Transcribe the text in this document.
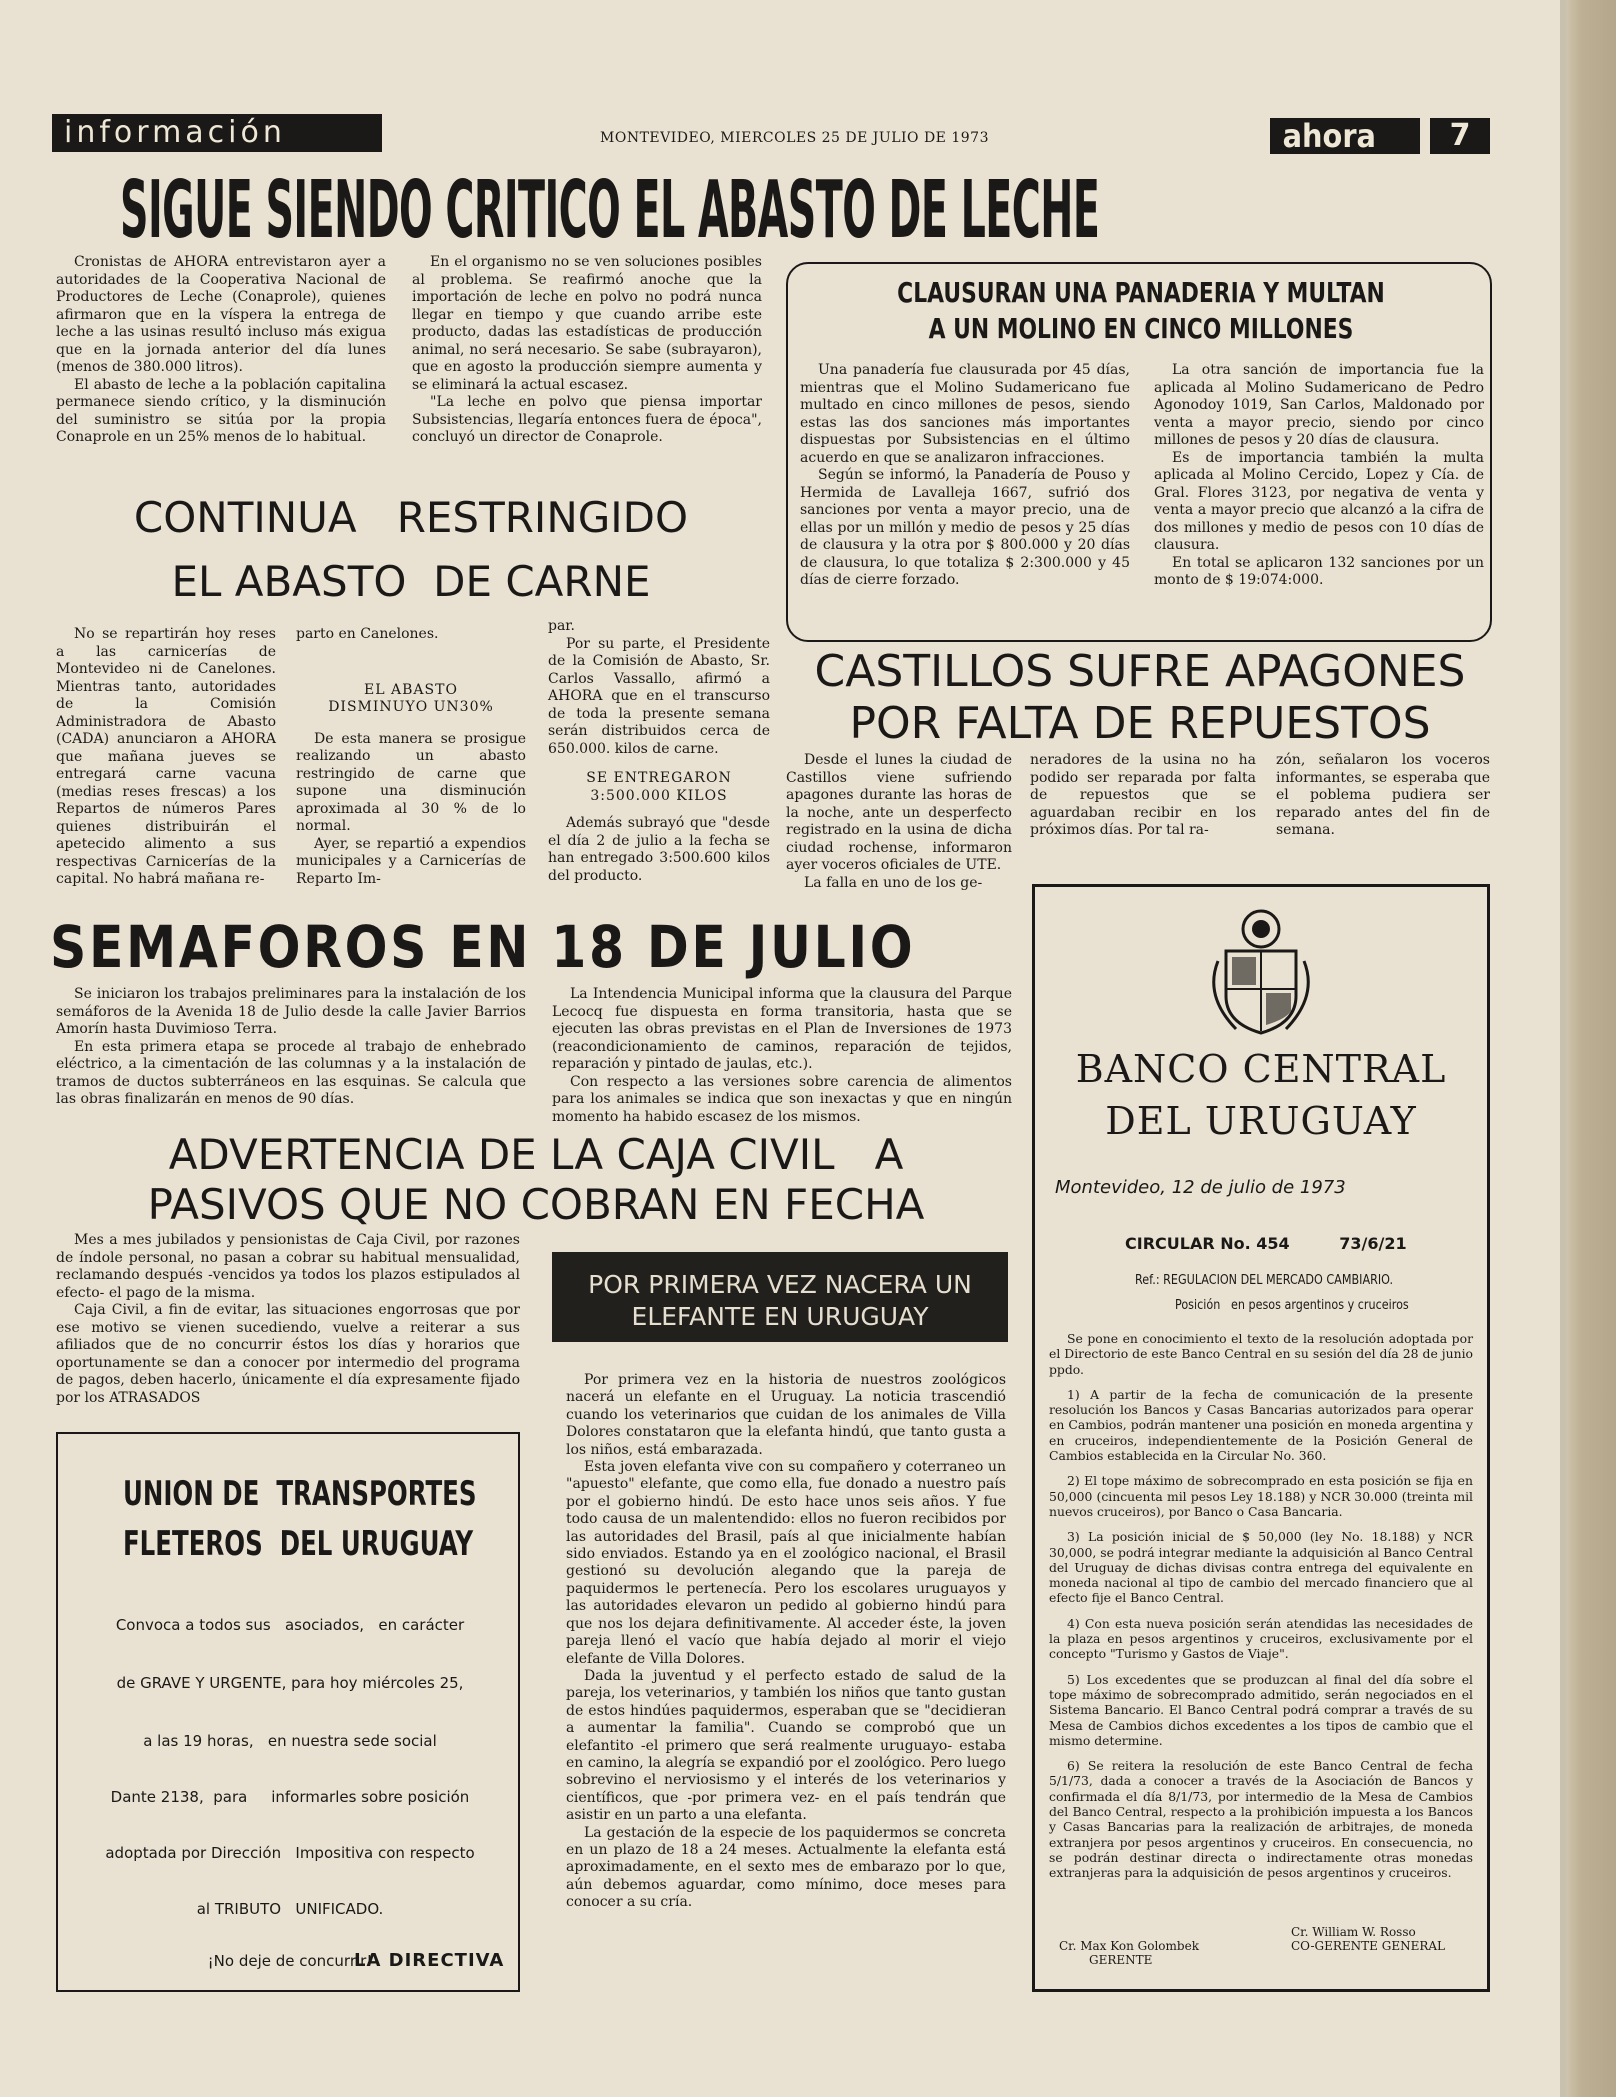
información	MONTEVIDEO, MIERCOLES 25 DE JULIO DE 1973	ahora	7
SIGUE SIENDO CRITICO EL ABASTO DE LECHE

Cronistas de AHORA entrevistaron ayer a autoridades de la Cooperativa Nacional de Productores de Leche (Conaprole), quienes afirmaron que en la víspera la entrega de leche a las usinas resultó incluso más exigua que en la jornada anterior del día lunes (menos de 380.000 litros).

El abasto de leche a la población capitalina permanece siendo crítico, y la disminución del suministro se sitúa por la propia Conaprole en un 25% menos de lo habitual.

En el organismo no se ven soluciones posibles al problema. Se reafirmó anoche que la importación de leche en polvo no podrá nunca llegar en tiempo y que cuando arribe este producto, dadas las estadísticas de producción animal, no será necesario. Se sabe (subrayaron), que en agosto la producción siempre aumenta y se eliminará la actual escasez.

"La leche en polvo que piensa importar Subsistencias, llegaría entonces fuera de época", concluyó un director de Conaprole.

CLAUSURAN UNA PANADERIA Y MULTAN
A UN MOLINO EN CINCO MILLONES

Una panadería fue clausurada por 45 días, mientras que el Molino Sudamericano fue multado en cinco millones de pesos, siendo estas las dos sanciones más importantes dispuestas por Subsistencias en el último acuerdo en que se analizaron infracciones.

Según se informó, la Panadería de Pouso y Hermida de Lavalleja 1667, sufrió dos sanciones por venta a mayor precio, una de ellas por un millón y medio de pesos y 25 días de clausura y la otra por $ 800.000 y 20 días de clausura, lo que totaliza $ 2:300.000 y 45 días de cierre forzado.

La otra sanción de importancia fue la aplicada al Molino Sudamericano de Pedro Agonodoy 1019, San Carlos, Maldonado por venta a mayor precio, siendo por cinco millones de pesos y 20 días de clausura.

Es de importancia también la multa aplicada al Molino Cercido, Lopez y Cía. de Gral. Flores 3123, por negativa de venta y venta a mayor precio que alcanzó a la cifra de dos millones y medio de pesos con 10 días de clausura.

En total se aplicaron 132 sanciones por un monto de $ 19:074:000.

CONTINUA   RESTRINGIDO
EL ABASTO  DE CARNE

No se repartirán hoy reses a las carnicerías de Montevideo ni de Canelones. Mientras tanto, autoridades de la Comisión Administradora de Abasto (CADA) anunciaron a AHORA que mañana jueves se entregará carne vacuna (medias reses frescas) a los Repartos de números Pares quienes distribuirán el apetecido alimento a sus respectivas Carnicerías de la capital. No habrá mañana re-

parto en Canelones.

EL ABASTO
DISMINUYO UN30%

De esta manera se prosigue realizando un abasto restringido de carne que supone una disminución aproximada al 30 % de lo normal.

Ayer, se repartió a expendios municipales y a Carnicerías de Reparto Im-

par.

Por su parte, el Presidente de la Comisión de Abasto, Sr. Carlos Vassallo, afirmó a AHORA que en el transcurso de toda la presente semana serán distribuidos cerca de 650.000. kilos de carne.

SE ENTREGARON
3:500.000 KILOS

Además subrayó que "desde el día 2 de julio a la fecha se han entregado 3:500.600 kilos del producto.

CASTILLOS SUFRE APAGONES
POR FALTA DE REPUESTOS

Desde el lunes la ciudad de Castillos viene sufriendo apagones durante las horas de la noche, ante un desperfecto registrado en la usina de dicha ciudad rochense, informaron ayer voceros oficiales de UTE.

La falla en uno de los ge-

neradores de la usina no ha podido ser reparada por falta de repuestos que se aguardaban recibir en los próximos días. Por tal ra-

zón, señalaron los voceros informantes, se esperaba que el poblema pudiera ser reparado antes del fin de semana.

SEMAFOROS EN 18 DE JULIO

Se iniciaron los trabajos preliminares para la instalación de los semáforos de la Avenida 18 de Julio desde la calle Javier Barrios Amorín hasta Duvimioso Terra.

En esta primera etapa se procede al trabajo de enhebrado eléctrico, a la cimentación de las columnas y a la instalación de tramos de ductos subterráneos en las esquinas. Se calcula que las obras finalizarán en menos de 90 días.

La Intendencia Municipal informa que la clausura del Parque Lecocq fue dispuesta en forma transitoria, hasta que se ejecuten las obras previstas en el Plan de Inversiones de 1973 (reacondicionamiento de caminos, reparación de tejidos, reparación y pintado de jaulas, etc.).

Con respecto a las versiones sobre carencia de alimentos para los animales se indica que son inexactas y que en ningún momento ha habido escasez de los mismos.

ADVERTENCIA DE LA CAJA CIVIL   A
PASIVOS QUE NO COBRAN EN FECHA

Mes a mes jubilados y pensionistas de Caja Civil, por razones de índole personal, no pasan a cobrar su habitual mensualidad, reclamando después -vencidos ya todos los plazos estipulados al efecto- el pago de la misma.

Caja Civil, a fin de evitar, las situaciones engorrosas que por ese motivo se vienen sucediendo, vuelve a reiterar a sus afiliados que de no concurrir éstos los días y horarios que oportunamente se dan a conocer por intermedio del programa de pagos, deben hacerlo, únicamente el día expresamente fijado por los ATRASADOS

UNION DE  TRANSPORTES
FLETEROS  DEL URUGUAY
Convoca a todos sus   asociados,   en carácter
de GRAVE Y URGENTE, para hoy miércoles 25,
a las 19 horas,   en nuestra sede social
Dante 2138,  para     informarles sobre posición
adoptada por Dirección   Impositiva con respecto
al TRIBUTO   UNIFICADO.
¡No deje de concurrir!
LA DIRECTIVA
POR PRIMERA VEZ NACERA UN
ELEFANTE EN URUGUAY

Por primera vez en la historia de nuestros zoológicos nacerá un elefante en el Uruguay. La noticia trascendió cuando los veterinarios que cuidan de los animales de Villa Dolores constataron que la elefanta hindú, que tanto gusta a los niños, está embarazada.

Esta joven elefanta vive con su compañero y coterraneo un "apuesto" elefante, que como ella, fue donado a nuestro país por el gobierno hindú. De esto hace unos seis años. Y fue todo causa de un malentendido: ellos no fueron recibidos por las autoridades del Brasil, país al que inicialmente habían sido enviados. Estando ya en el zoológico nacional, el Brasil gestionó su devolución alegando que la pareja de paquidermos le pertenecía. Pero los escolares uruguayos y las autoridades elevaron un pedido al gobierno hindú para que nos los dejara definitivamente. Al acceder éste, la joven pareja llenó el vacío que había dejado al morir el viejo elefante de Villa Dolores.

Dada la juventud y el perfecto estado de salud de la pareja, los veterinarios, y también los niños que tanto gustan de estos hindúes paquidermos, esperaban que se "decidieran a aumentar la familia". Cuando se comprobó que un elefantito -el primero que será realmente uruguayo- estaba en camino, la alegría se expandió por el zoológico. Pero luego sobrevino el nerviosismo y el interés de los veterinarios y científicos, que -por primera vez- en el país tendrán que asistir en un parto a una elefanta.

La gestación de la especie de los paquidermos se concreta en un plazo de 18 a 24 meses. Actualmente la elefanta está aproximadamente, en el sexto mes de embarazo por lo que, aún debemos aguardar, como mínimo, doce meses para conocer a su cría.

BANCO CENTRAL
DEL URUGUAY
Montevideo, 12 de julio de 1973
CIRCULAR No. 454	73/6/21
Ref.: REGULACION DEL MERCADO CAMBIARIO.
Posición   en pesos argentinos y cruceiros

Se pone en conocimiento el texto de la resolución adoptada por el Directorio de este Banco Central en su sesión del día 28 de junio ppdo.

1) A partir de la fecha de comunicación de la presente resolución los Bancos y Casas Bancarias autorizados para operar en Cambios, podrán mantener una posición en moneda argentina y en cruceiros, independientemente de la Posición General de Cambios establecida en la Circular No. 360.

2) El tope máximo de sobrecomprado en esta posición se fija en 50,000 (cincuenta mil pesos Ley 18.188) y NCR 30.000 (treinta mil nuevos cruceiros), por Banco o Casa Bancaria.

3) La posición inicial de $ 50,000 (ley No. 18.188) y NCR 30,000, se podrá integrar mediante la adquisición al Banco Central del Uruguay de dichas divisas contra entrega del equivalente en moneda nacional al tipo de cambio del mercado financiero que al efecto fije el Banco Central.

4) Con esta nueva posición serán atendidas las necesidades de la plaza en pesos argentinos y cruceiros, exclusivamente por el concepto "Turismo y Gastos de Viaje".

5) Los excedentes que se produzcan al final del día sobre el tope máximo de sobrecomprado admitido, serán negociados en el Sistema Bancario. El Banco Central podrá comprar a través de su Mesa de Cambios dichos excedentes a los tipos de cambio que el mismo determine.

6) Se reitera la resolución de este Banco Central de fecha 5/1/73, dada a conocer a través de la Asociación de Bancos y confirmada el día 8/1/73, por intermedio de la Mesa de Cambios del Banco Central, respecto a la prohibición impuesta a los Bancos y Casas Bancarias para la realización de arbitrajes, de moneda extranjera por pesos argentinos y cruceiros. En consecuencia, no se podrán destinar directa o indirectamente otras monedas extranjeras para la adquisición de pesos argentinos y cruceiros.

Cr. Max Kon Golombek
GERENTE
Cr. William W. Rosso
CO-GERENTE GENERAL
